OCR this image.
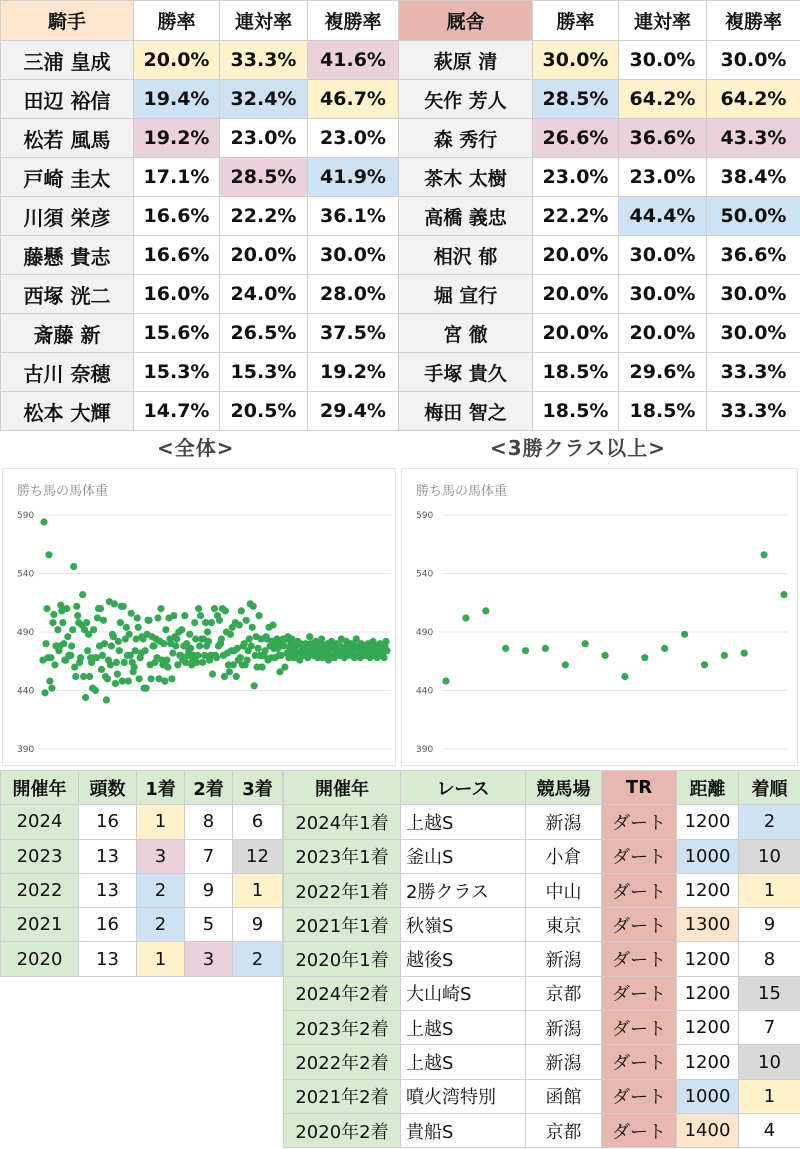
騎手	勝率	連対率	複勝率	厩舎	勝率	連対率	複勝率
三浦 皇成	20.0%	33.3%	41.6%	萩原 清	30.0%	30.0%	30.0%
田辺 裕信	19.4%	32.4%	46.7%	矢作 芳人	28.5%	64.2%	64.2%
松若 風馬	19.2%	23.0%	23.0%	森 秀行	26.6%	36.6%	43.3%
戸崎 圭太	17.1%	28.5%	41.9%	茶木 太樹	23.0%	23.0%	38.4%
川須 栄彦	16.6%	22.2%	36.1%	高橋 義忠	22.2%	44.4%	50.0%
藤懸 貴志	16.6%	20.0%	30.0%	相沢 郁	20.0%	30.0%	36.6%
西塚 洸二	16.0%	24.0%	28.0%	堀 宣行	20.0%	30.0%	30.0%
斎藤 新	15.6%	26.5%	37.5%	宮 徹	20.0%	20.0%	30.0%
古川 奈穂	15.3%	15.3%	19.2%	手塚 貴久	18.5%	29.6%	33.3%
松本 大輝	14.7%	20.5%	29.4%	梅田 智之	18.5%	18.5%	33.3%
<全体>	<3勝クラス以上>
勝ち馬の馬体重
590
540
490
440
390
勝ち馬の馬体重
590
540
490
440
390
開催年	頭数	1着	2着	3着
2024	16	1	8	6
2023	13	3	7	12
2022	13	2	9	1
2021	16	2	5	9
2020	13	1	3	2
開催年	レース	競馬場	TR	距離	着順
2024年1着	上越S	新潟	ダート	1200	2
2023年1着	釜山S	小倉	ダート	1000	10
2022年1着	2勝クラス	中山	ダート	1200	1
2021年1着	秋嶺S	東京	ダート	1300	9
2020年1着	越後S	新潟	ダート	1200	8
2024年2着	大山崎S	京都	ダート	1200	15
2023年2着	上越S	新潟	ダート	1200	7
2022年2着	上越S	新潟	ダート	1200	10
2021年2着	噴火湾特別	函館	ダート	1000	1
2020年2着	貴船S	京都	ダート	1400	4
